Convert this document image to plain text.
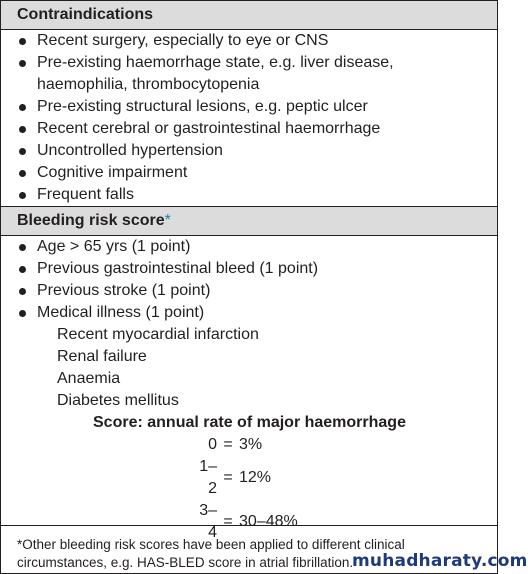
Contraindications
Recent surgery, especially to eye or CNS
Pre-existing haemorrhage state, e.g. liver disease, haemophilia, thrombocytopenia
Pre-existing structural lesions, e.g. peptic ulcer
Recent cerebral or gastrointestinal haemorrhage
Uncontrolled hypertension
Cognitive impairment
Frequent falls
Bleeding risk score *
Age > 65 yrs (1 point)
Previous gastrointestinal bleed (1 point)
Previous stroke (1 point)
Medical illness (1 point)
Recent myocardial infarction
Renal failure
Anaemia
Diabetes mellitus
Score: annual rate of major haemorrhage
0	=	3%
1–2	=	12%
3–4	=	30–48%
*Other bleeding risk scores have been applied to different clinical
circumstances, e.g. HAS-BLED score in atrial fibrillation.
muhadharaty.com
